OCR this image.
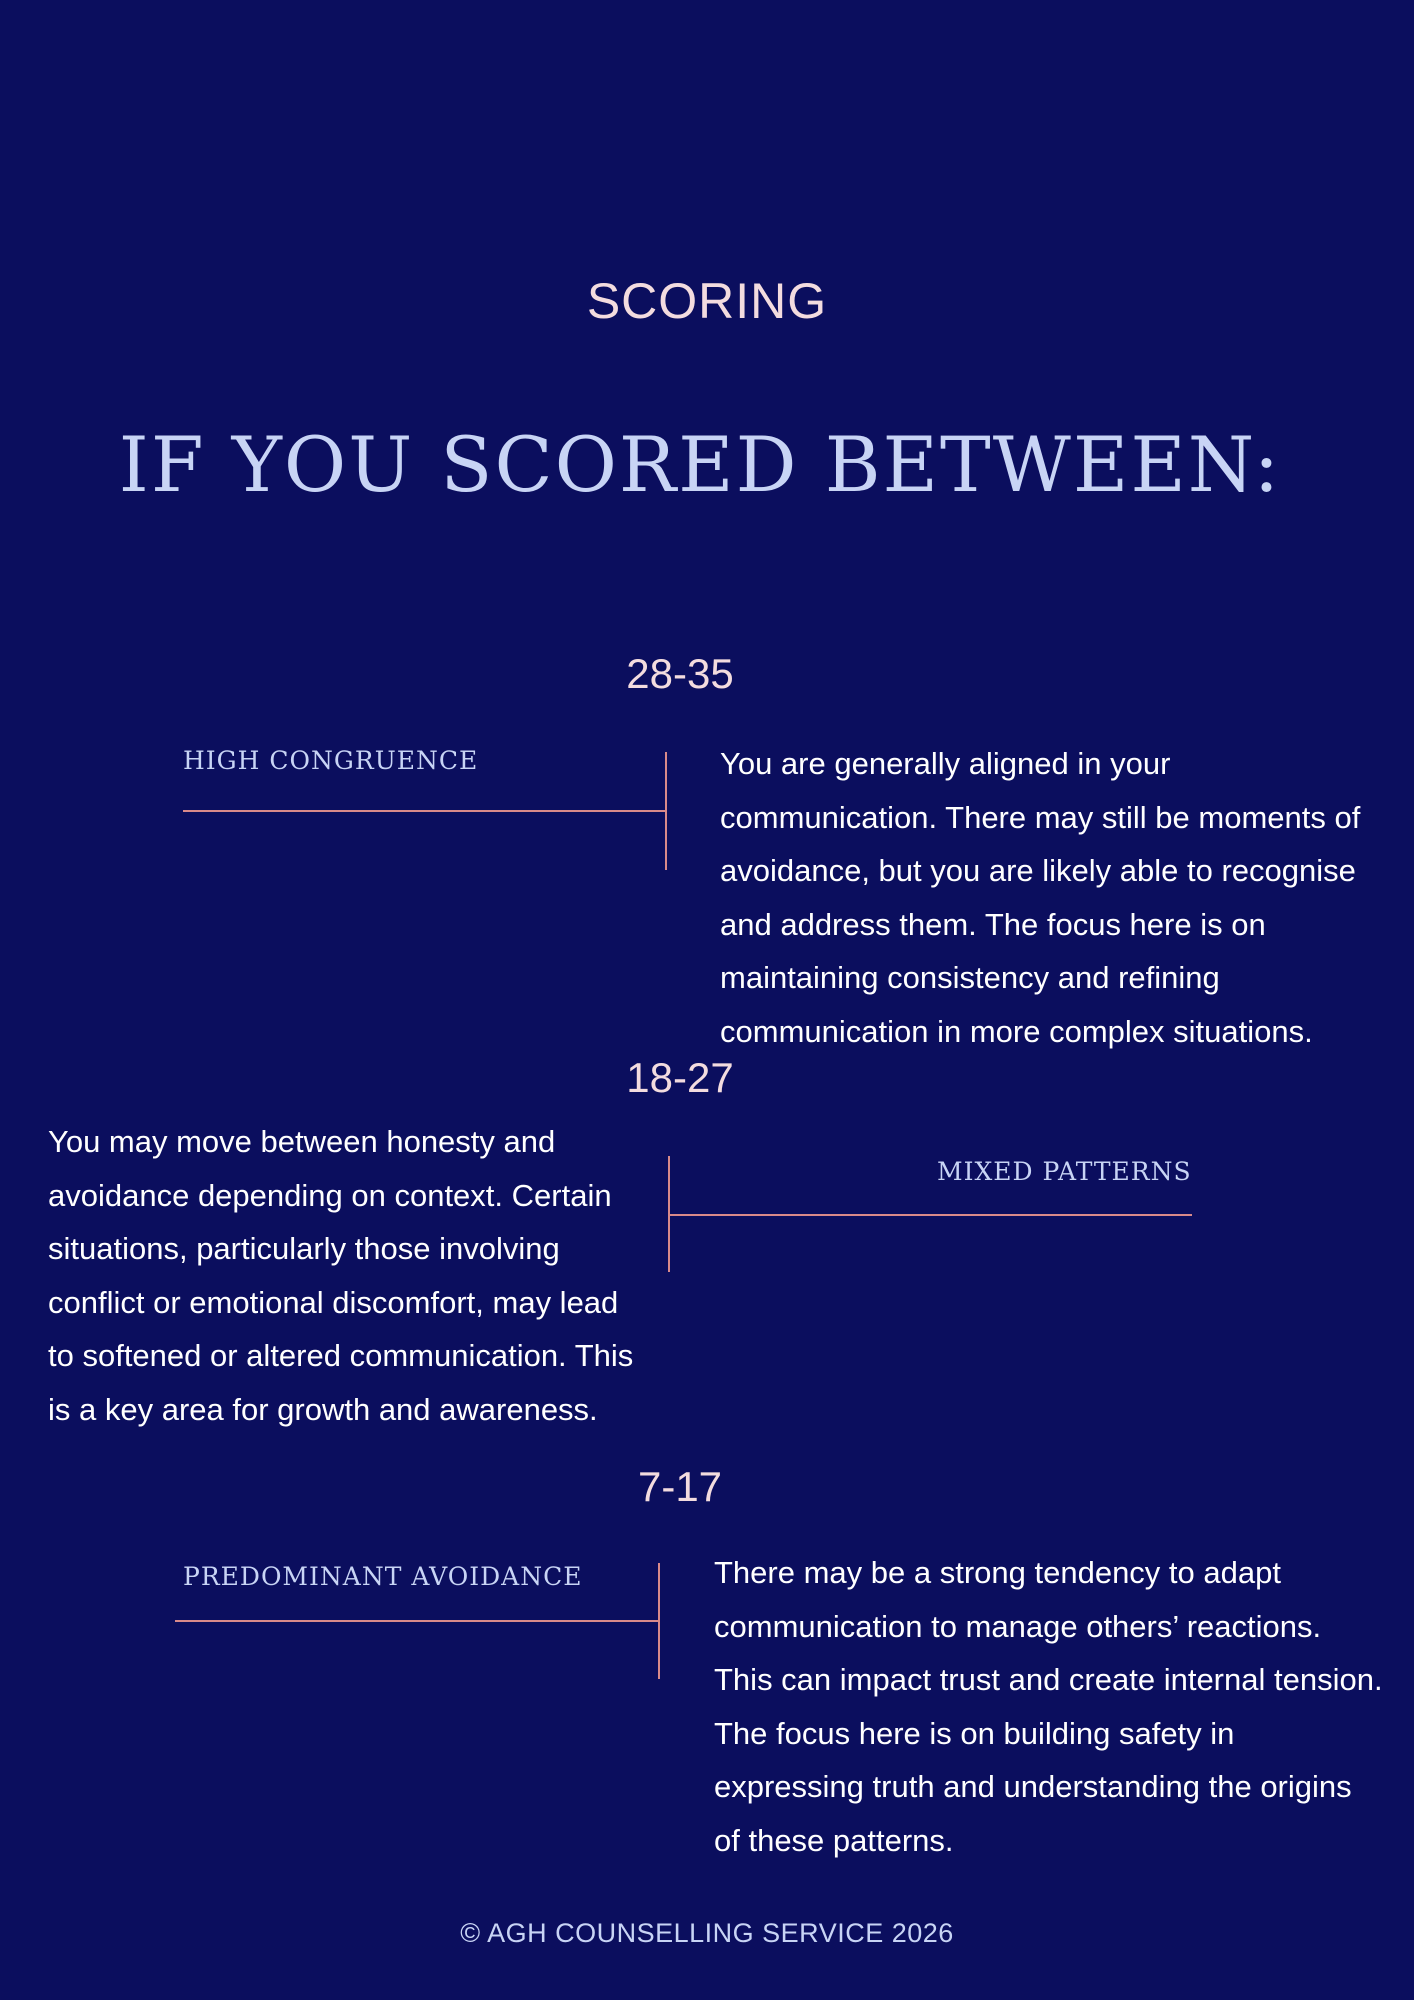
SCORING
IF YOU SCORED BETWEEN:
28-35
HIGH CONGRUENCE	You are generally aligned in your communication. There may still be moments of avoidance, but you are likely able to recognise and address them. The focus here is on maintaining consistency and refining communication in more complex situations.
18-27
You may move between honesty and avoidance depending on context. Certain situations, particularly those involving conflict or emotional discomfort, may lead to softened or altered communication. This is a key area for growth and awareness.
MIXED PATTERNS
7-17
PREDOMINANT AVOIDANCE	There may be a strong tendency to adapt communication to manage others’ reactions. This can impact trust and create internal tension. The focus here is on building safety in expressing truth and understanding the origins of these patterns.
© AGH COUNSELLING SERVICE 2026
